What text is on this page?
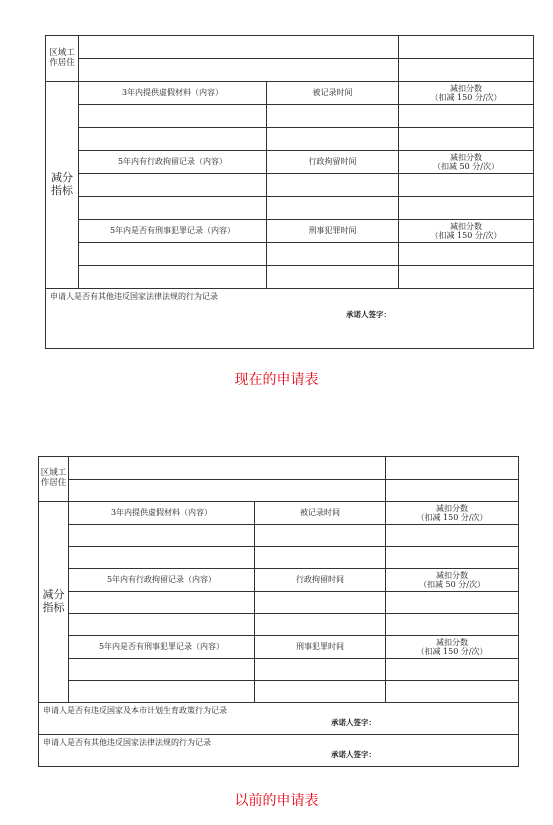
区域工作居住			

减分指标	3年内提供虚假材料（内容）	被记录时间	减扣分数
（扣减 150 分/次）

	5年内有行政拘留记录（内容）	行政拘留时间	减扣分数
（扣减 50 分/次）

	5年内是否有刑事犯罪记录（内容）	刑事犯罪时间	减扣分数
（扣减 150 分/次）

申请人是否有其他违反国家法律法规的行为记录
承诺人签字：			
现在的申请表
区域工作居住			

减分指标	3年内提供虚假材料（内容）	被记录时间	减扣分数
（扣减 150 分/次）

	5年内有行政拘留记录（内容）	行政拘留时间	减扣分数
（扣减 50 分/次）

	5年内是否有刑事犯罪记录（内容）	刑事犯罪时间	减扣分数
（扣减 150 分/次）

申请人是否有违反国家及本市计划生育政策行为记录
承诺人签字：			

申请人是否有其他违反国家法律法规的行为记录
承诺人签字：			
以前的申请表
